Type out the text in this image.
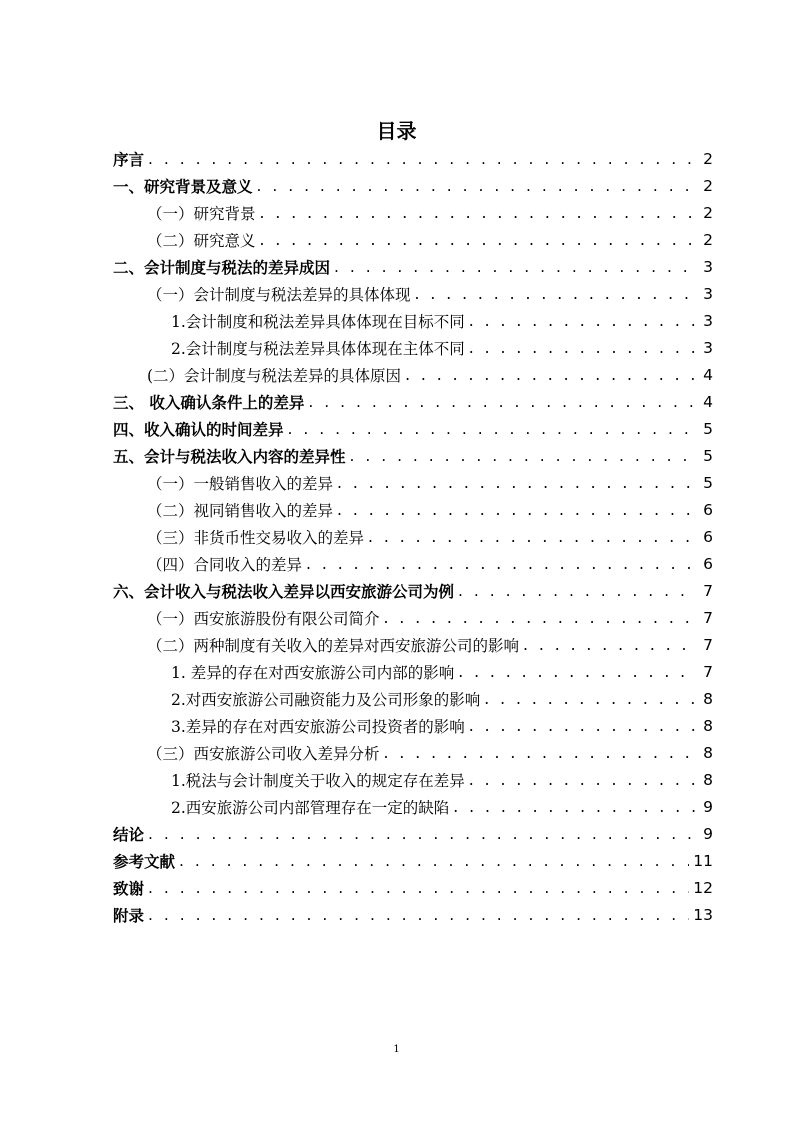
目录
序言 . . .	2
一、研究背景及意义 . . .	2
（一）研究背景 . . .	2
（二）研究意义 . . .	2
二、会计制度与税法的差异成因 . . .	3
（一）会计制度与税法差异的具体体现 . . .	3
1.会计制度和税法差异具体体现在目标不同 . . .	3
2.会计制度与税法差异具体体现在主体不同 . . .	3
(二）会计制度与税法差异的具体原因 . . .	4
三、 收入确认条件上的差异 . . .	4
四、收入确认的时间差异 . . .	5
五、会计与税法收入内容的差异性 . . .	5
（一）一般销售收入的差异 . . .	5
（二）视同销售收入的差异 . . .	6
（三）非货币性交易收入的差异 . . .	6
（四）合同收入的差异 . . .	6
六、会计收入与税法收入差异以西安旅游公司为例 . . .	7
（一）西安旅游股份有限公司简介 . . .	7
（二）两种制度有关收入的差异对西安旅游公司的影响 . . .	7
1. 差异的存在对西安旅游公司内部的影响 . . .	7
2.对西安旅游公司融资能力及公司形象的影响 . . .	8
3.差异的存在对西安旅游公司投资者的影响 . . .	8
（三）西安旅游公司收入差异分析 . . .	8
1.税法与会计制度关于收入的规定存在差异 . . .	8
2.西安旅游公司内部管理存在一定的缺陷 . . .	9
结论 . . .	9
参考文献 . . .	11
致谢 . . .	12
附录 . . .	13
1
